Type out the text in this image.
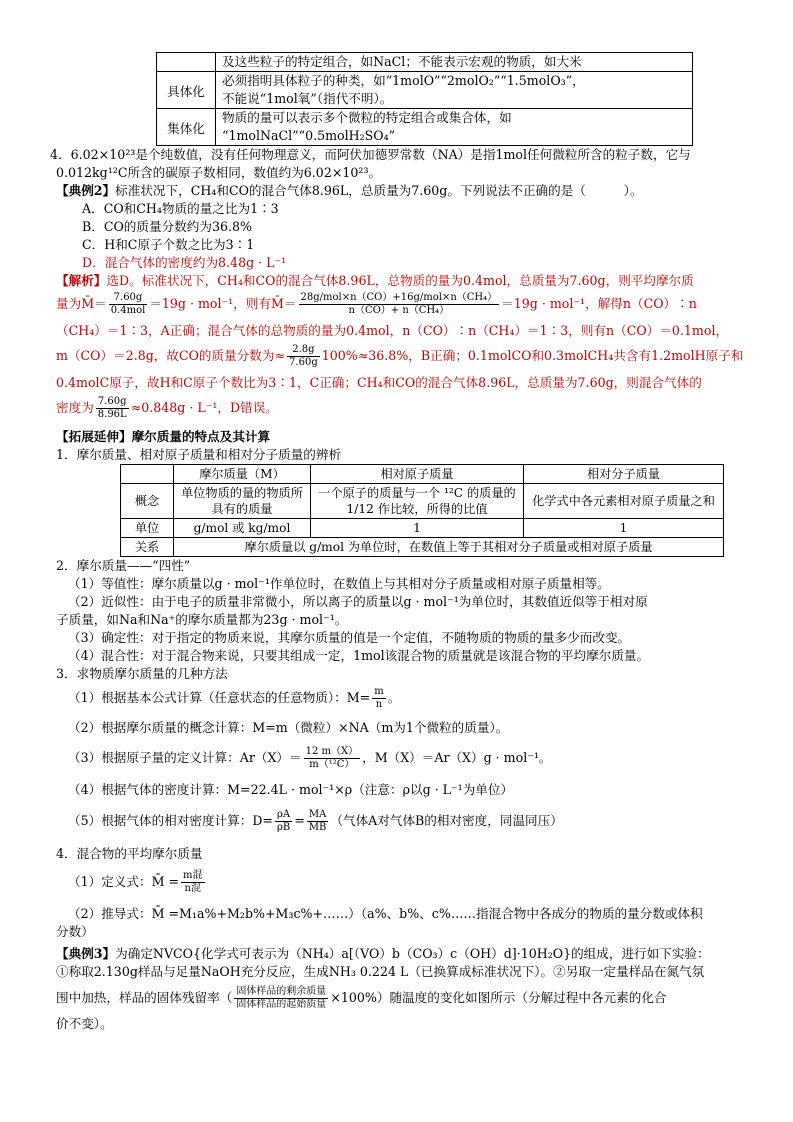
	及这些粒子的特定组合，如NaCl；不能表示宏观的物质，如大米
具体化	必须指明具体粒子的种类，如“1molO”“2molO₂”“1.5molO₃”，
不能说“1mol氧”（指代不明）。

集体化	物质的量可以表示多个微粒的特定组合或集合体，如
“1molNaCl”“0.5molH₂SO₄”
4．6.02×10²³是个纯数值，没有任何物理意义，而阿伏加德罗常数（NA）是指1mol任何微粒所含的粒子数，它与
0.012kg¹²C所含的碳原子数相同，数值约为6.02×10²³。
【典例2】标准状况下，CH₄和CO的混合气体8.96L，总质量为7.60g。下列说法不正确的是（　　　）。
A．CO和CH₄物质的量之比为1∶3
B．CO的质量分数约为36.8%
C．H和C原子个数之比为3∶1
D．混合气体的密度约为8.48g · L⁻¹
【解析】选D。标准状况下，CH₄和CO的混合气体8.96L，总物质的量为0.4mol，总质量为7.60g，则平均摩尔质
量为M̄＝ $\frac{7.60g}{\text{0.4mol}} =19g \cdot mol^{-1}$，则有M̄＝ $\frac{\text{28g/mol×n（CO）+16g/mol×n（CH₄）}}{\text{n（CO）+ n（CH₄）}} =19g \cdot mol^{-1}$，解得n（CO）∶n
（CH₄）＝1∶3，A正确；混合气体的总物质的量为0.4mol，n（CO）∶n（CH₄）＝1∶3，则有n（CO）＝0.1mol，
m（CO）＝2.8g，故CO的质量分数为≈ $\frac{2.8g}{7.60g} 100\%\approx 36.8\%$，B正确；0.1molCO和0.3molCH₄共含有1.2molH原子和
0.4molC原子，故H和C原子个数比为3∶1，C正确；CH₄和CO的混合气体8.96L，总质量为7.60g，则混合气体的
密度为 $\frac{7.60g}{8.96L} \approx 0.848g \cdot L^{-1}$，D错误。
【拓展延伸】摩尔质量的特点及其计算
1．摩尔质量、相对原子质量和相对分子质量的辨析
	摩尔质量（M）	相对原子质量	相对分子质量
概念	单位物质的量的物质所具有的质量	一个原子的质量与一个 ¹²C 的质量的 1/12 作比较，所得的比值	化学式中各元素相对原子质量之和
单位	g/mol 或 kg/mol	1	1
关系	摩尔质量以 g/mol 为单位时，在数值上等于其相对分子质量或相对原子质量		
2．摩尔质量——“四性”
（1）等值性：摩尔质量以g · mol⁻¹作单位时，在数值上与其相对分子质量或相对原子质量相等。
（2）近似性：由于电子的质量非常微小，所以离子的质量以g · mol⁻¹为单位时，其数值近似等于相对原
子质量，如Na和Na⁺的摩尔质量都为23g · mol⁻¹。
（3）确定性：对于指定的物质来说，其摩尔质量的值是一个定值，不随物质的物质的量多少而改变。
（4）混合性：对于混合物来说，只要其组成一定，1mol该混合物的质量就是该混合物的平均摩尔质量。
3．求物质摩尔质量的几种方法
（1）根据基本公式计算（任意状态的任意物质）：$M= \frac{m}{n}$ 。
（2）根据摩尔质量的概念计算：M=m（微粒）×NA（m为1个微粒的质量）。
（3）根据原子量的定义计算：$Ar(X)= \frac{12 m(X)}{\text{m（¹²C）}}$ ，M（X）＝Ar（X）g · mol⁻¹。
（4）根据气体的密度计算：M=22.4L · mol⁻¹×ρ（注意：ρ以g · L⁻¹为单位）
（5）根据气体的相对密度计算：$D= \frac{\rho A}{\rho B} = \frac{MA}{MB}$ （气体A对气体B的相对密度，同温同压）
4．混合物的平均摩尔质量
（1）定义式：M̄ = $\frac{\text{m混}}{\text{n混}}$
（2）推导式：M̄ =M₁a%+M₂b%+M₃c%+……）（a%、b%、c%……指混合物中各成分的物质的量分数或体积
分数）
【典例3】为确定NVCO{化学式可表示为（NH₄）a[（VO）b（CO₃）c（OH）d]·10H₂O}的组成，进行如下实验：
①称取2.130g样品与足量NaOH充分反应，生成NH₃ 0.224 L（已换算成标准状况下）。②另取一定量样品在氮气氛
围中加热，样品的固体残留率（ $\frac{\text{固体样品的剩余质量}}{\text{固体样品的起始质量}} \times 100\%$）随温度的变化如图所示（分解过程中各元素的化合
价不变）。
